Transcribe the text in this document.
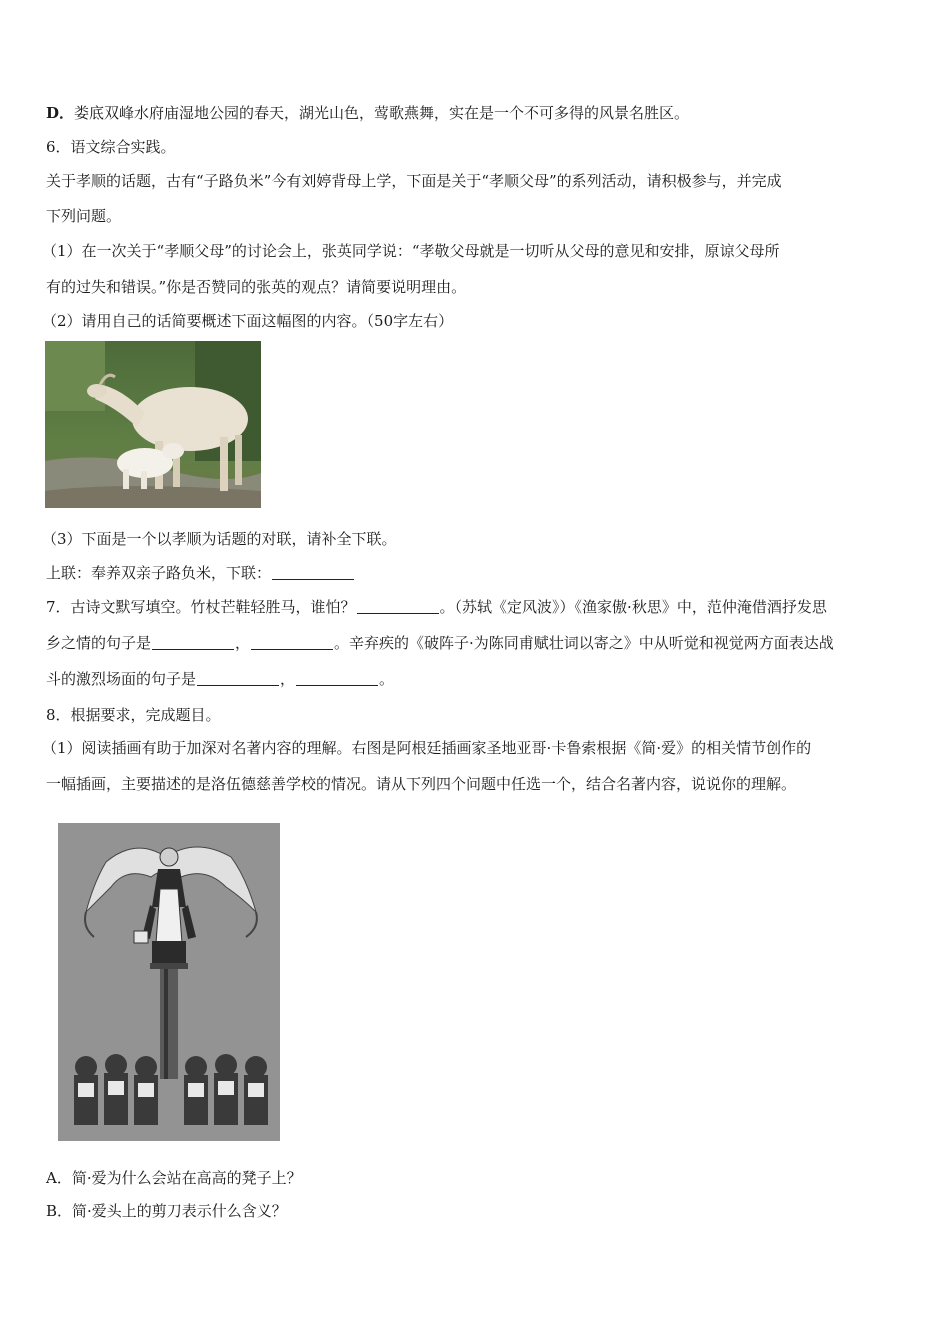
D．娄底双峰水府庙湿地公园的春天，湖光山色，莺歌燕舞，实在是一个不可多得的风景名胜区。
6．语文综合实践。
关于孝顺的话题，古有“子路负米”今有刘婷背母上学，下面是关于“孝顺父母”的系列活动，请积极参与，并完成
下列问题。
（1）在一次关于“孝顺父母”的讨论会上，张英同学说：“孝敬父母就是一切听从父母的意见和安排，原谅父母所
有的过失和错误。”你是否赞同的张英的观点？请简要说明理由。
（2）请用自己的话简要概述下面这幅图的内容。（50字左右）
（3）下面是一个以孝顺为话题的对联，请补全下联。
上联：奉养双亲子路负米，下联：
7．古诗文默写填空。竹杖芒鞋轻胜马，谁怕？	。（苏轼《定风波》）《渔家傲·秋思》中，范仲淹借酒抒发思
乡之情的句子是	，	。辛弃疾的《破阵子·为陈同甫赋壮词以寄之》中从听觉和视觉两方面表达战
斗的激烈场面的句子是	，	。
8．根据要求，完成题目。
（1）阅读插画有助于加深对名著内容的理解。右图是阿根廷插画家圣地亚哥·卡鲁索根据《简·爱》的相关情节创作的
一幅插画，主要描述的是洛伍德慈善学校的情况。请从下列四个问题中任选一个，结合名著内容，说说你的理解。
A．简·爱为什么会站在高高的凳子上？
B．简·爱头上的剪刀表示什么含义？
